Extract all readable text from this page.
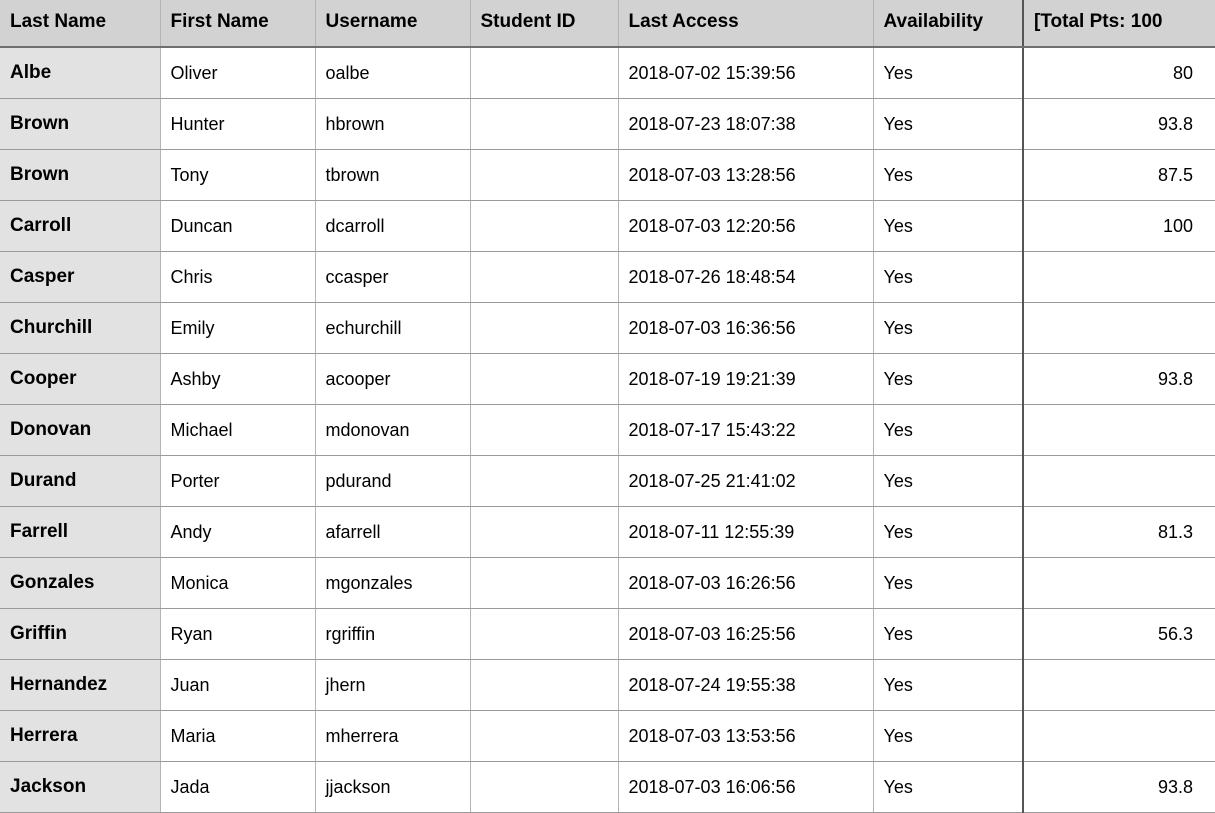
Last Name	First Name	Username	Student ID	Last Access	Availability	[Total Pts: 100
Albe	Oliver	oalbe		2018-07-02 15:39:56	Yes	80
Brown	Hunter	hbrown		2018-07-23 18:07:38	Yes	93.8
Brown	Tony	tbrown		2018-07-03 13:28:56	Yes	87.5
Carroll	Duncan	dcarroll		2018-07-03 12:20:56	Yes	100
Casper	Chris	ccasper		2018-07-26 18:48:54	Yes	
Churchill	Emily	echurchill		2018-07-03 16:36:56	Yes	
Cooper	Ashby	acooper		2018-07-19 19:21:39	Yes	93.8
Donovan	Michael	mdonovan		2018-07-17 15:43:22	Yes	
Durand	Porter	pdurand		2018-07-25 21:41:02	Yes	
Farrell	Andy	afarrell		2018-07-11 12:55:39	Yes	81.3
Gonzales	Monica	mgonzales		2018-07-03 16:26:56	Yes	
Griffin	Ryan	rgriffin		2018-07-03 16:25:56	Yes	56.3
Hernandez	Juan	jhern		2018-07-24 19:55:38	Yes	
Herrera	Maria	mherrera		2018-07-03 13:53:56	Yes	
Jackson	Jada	jjackson		2018-07-03 16:06:56	Yes	93.8
